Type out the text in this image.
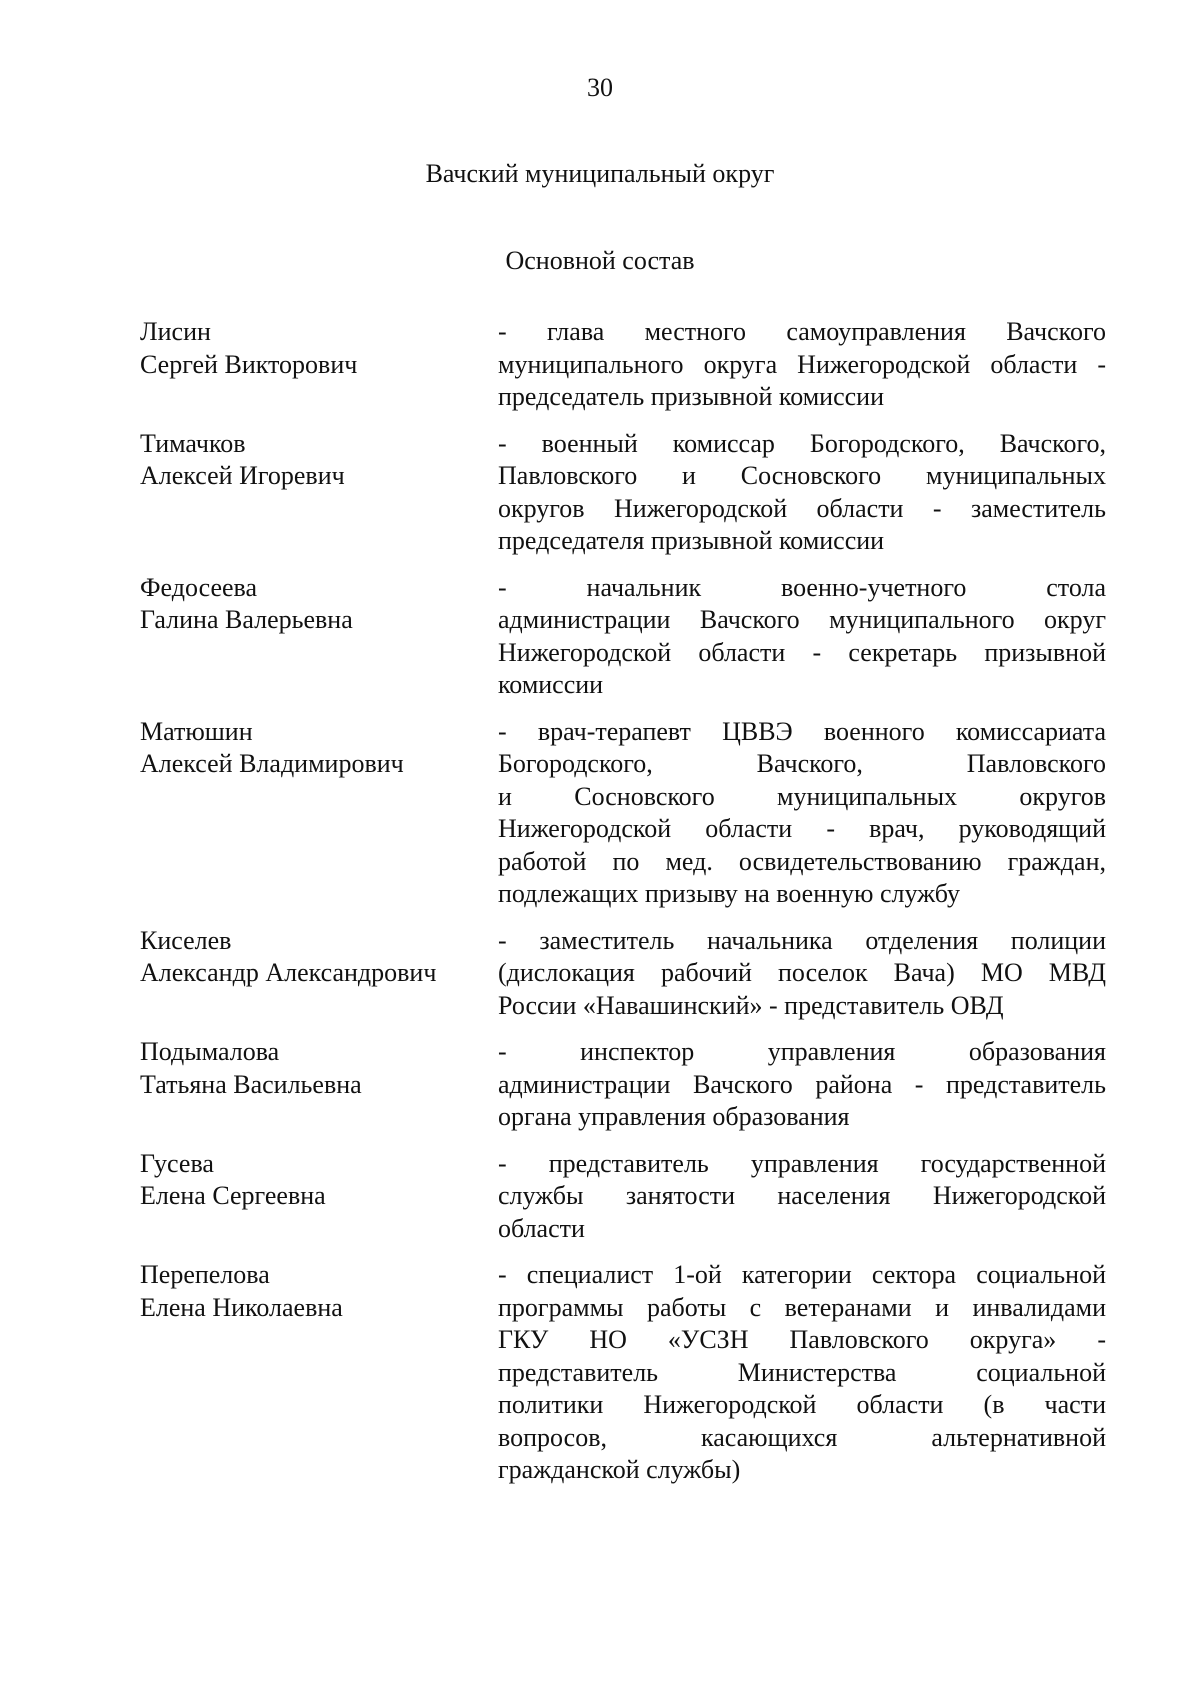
30
Вачский муниципальный округ
Основной состав
Лисин
Сергей Викторович
- глава местного самоуправления Вачского
муниципального округа Нижегородской области -
председатель призывной комиссии
Тимачков
Алексей Игоревич
- военный комиссар Богородского, Вачского,
Павловского и Сосновского муниципальных
округов Нижегородской области - заместитель
председателя призывной комиссии
Федосеева
Галина Валерьевна
- начальник военно-учетного стола
администрации Вачского муниципального округ
Нижегородской области - секретарь призывной
комиссии
Матюшин
Алексей Владимирович
- врач-терапевт ЦВВЭ военного комиссариата
Богородского, Вачского, Павловского
и Сосновского муниципальных округов
Нижегородской области - врач, руководящий
работой по мед. освидетельствованию граждан,
подлежащих призыву на военную службу
Киселев
Александр Александрович
- заместитель начальника отделения полиции
(дислокация рабочий поселок Вача) МО МВД
России «Навашинский» - представитель ОВД
Подымалова
Татьяна Васильевна
- инспектор управления образования
администрации Вачского района - представитель
органа управления образования
Гусева
Елена Сергеевна
- представитель управления государственной
службы занятости населения Нижегородской
области
Перепелова
Елена Николаевна
- специалист 1-ой категории сектора социальной
программы работы с ветеранами и инвалидами
ГКУ НО «УСЗН Павловского округа» -
представитель Министерства социальной
политики Нижегородской области (в части
вопросов, касающихся альтернативной
гражданской службы)
